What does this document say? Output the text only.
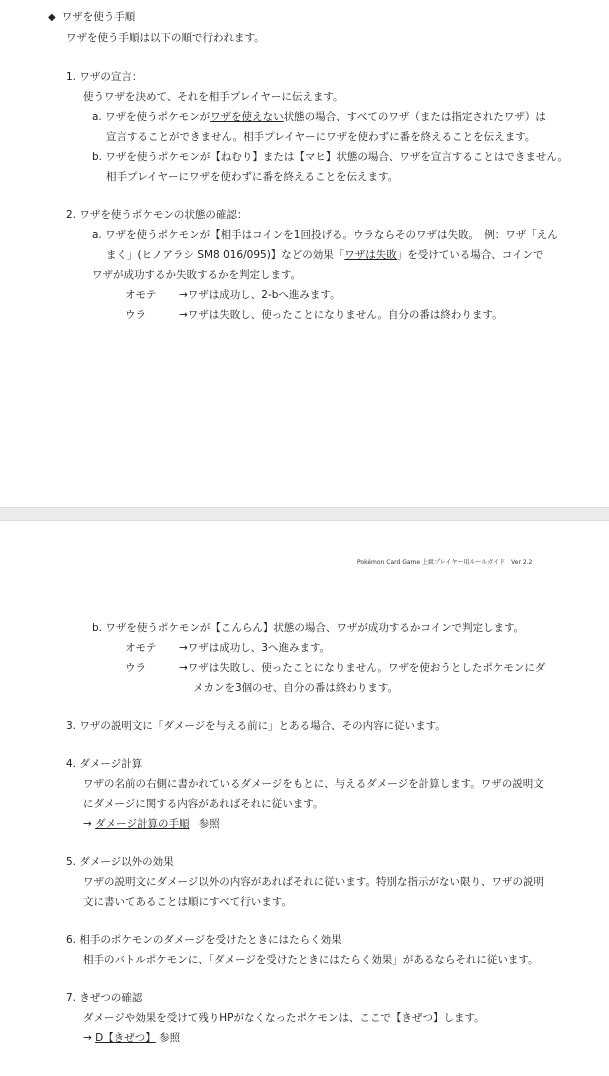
◆ ワザを使う手順
ワザを使う手順は以下の順で行われます。
1. ワザの宣言：
使うワザを決めて、それを相手プレイヤーに伝えます。
a. ワザを使うポケモンがワザを使えない状態の場合、すべてのワザ（または指定されたワザ）は
宣言することができません。相手プレイヤーにワザを使わずに番を終えることを伝えます。
b. ワザを使うポケモンが【ねむり】または【マヒ】状態の場合、ワザを宣言することはできません。
相手プレイヤーにワザを使わずに番を終えることを伝えます。
2. ワザを使うポケモンの状態の確認：
a. ワザを使うポケモンが【相手はコインを1回投げる。ウラならそのワザは失敗。　例：ワザ「えん
まく」(ヒノアラシ SM8 016/095)】などの効果「ワザは失敗」を受けている場合、コインで
ワザが成功するか失敗するかを判定します。
オモテ →ワザは成功し、2-bへ進みます。
ウラ	→ワザは失敗し、使ったことになりません。自分の番は終わります。
Pokémon Card Game 上級プレイヤー用ルールガイド　Ver 2.2
b. ワザを使うポケモンが【こんらん】状態の場合、ワザが成功するかコインで判定します。
オモテ →ワザは成功し、3へ進みます。
ウラ	→ワザは失敗し、使ったことになりません。ワザを使おうとしたポケモンにダ
メカンを3個のせ、自分の番は終わります。
3. ワザの説明文に「ダメージを与える前に」とある場合、その内容に従います。
4. ダメージ計算
ワザの名前の右側に書かれているダメージをもとに、与えるダメージを計算します。ワザの説明文
にダメージに関する内容があればそれに従います。
→ ダメージ計算の手順 参照
5. ダメージ以外の効果
ワザの説明文にダメージ以外の内容があればそれに従います。特別な指示がない限り、ワザの説明
文に書いてあることは順にすべて行います。
6. 相手のポケモンのダメージを受けたときにはたらく効果
相手のバトルポケモンに、「ダメージを受けたときにはたらく効果」があるならそれに従います。
7. きぜつの確認
ダメージや効果を受けて残りHPがなくなったポケモンは、ここで【きぜつ】します。
→ D【きぜつ】 参照
